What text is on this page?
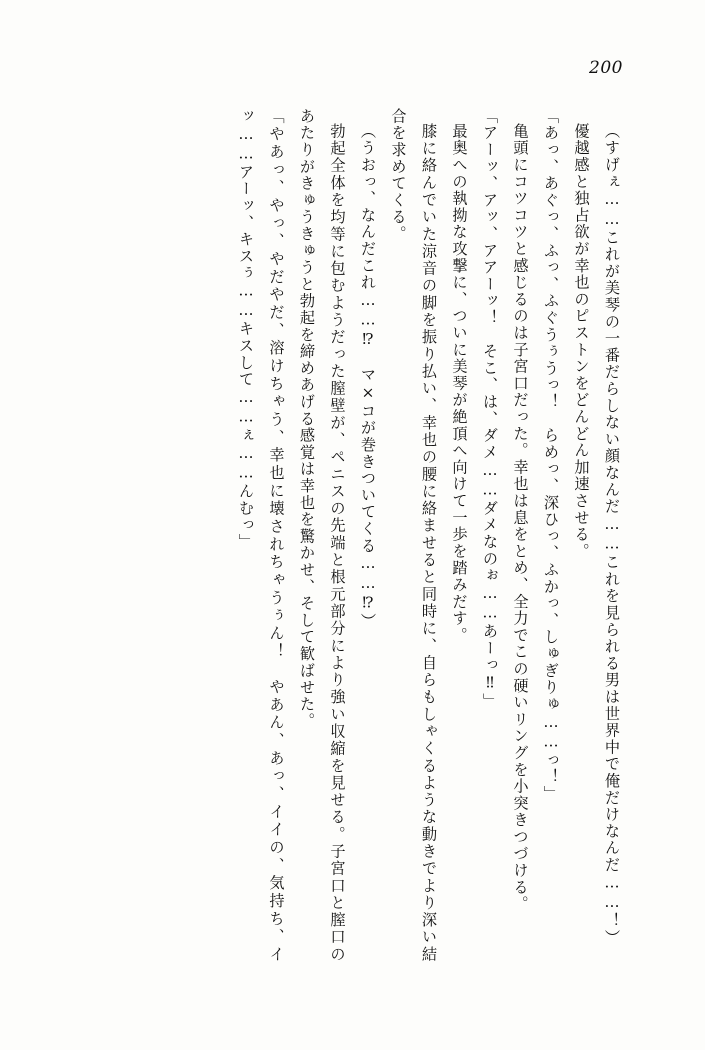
200

（すげぇ……これが美琴の一番だらしない顔なんだ……これを見られる男は世界中で俺だけなんだ……！）

優越感と独占欲が幸也のピストンをどんどん加速させる。

「あっ、あぐっ、ふっ、ふぐうぅうっ！　らめっ、深ひっ、ふかっ、しゅぎりゅ……っ！」

亀頭にコツコツと感じるのは子宮口だった。幸也は息をとめ、全力でこの硬いリングを小突きつづける。

「アーッ、アッ、アアーッ！　そこ、は、ダメ……ダメなのぉ……あーっ‼」

最奥への執拗な攻撃に、ついに美琴が絶頂へ向けて一歩を踏みだす。

膝に絡んでいた涼音の脚を振り払い、幸也の腰に絡ませると同時に、自らもしゃくるような動きでより深い結合を求めてくる。

（うおっ、なんだこれ……⁉　マ×コが巻きついてくる……⁉）

勃起全体を均等に包むようだった膣壁が、ペニスの先端と根元部分により強い収縮を見せる。子宮口と膣口のあたりがきゅうきゅうと勃起を締めあげる感覚は幸也を驚かせ、そして歓ばせた。

「やあっ、やっ、やだやだ、溶けちゃう、幸也に壊されちゃうぅん！　やあん、あっ、イイの、気持ち、イッ……アーッ、キスぅ……キスして……ぇ……んむっ」
